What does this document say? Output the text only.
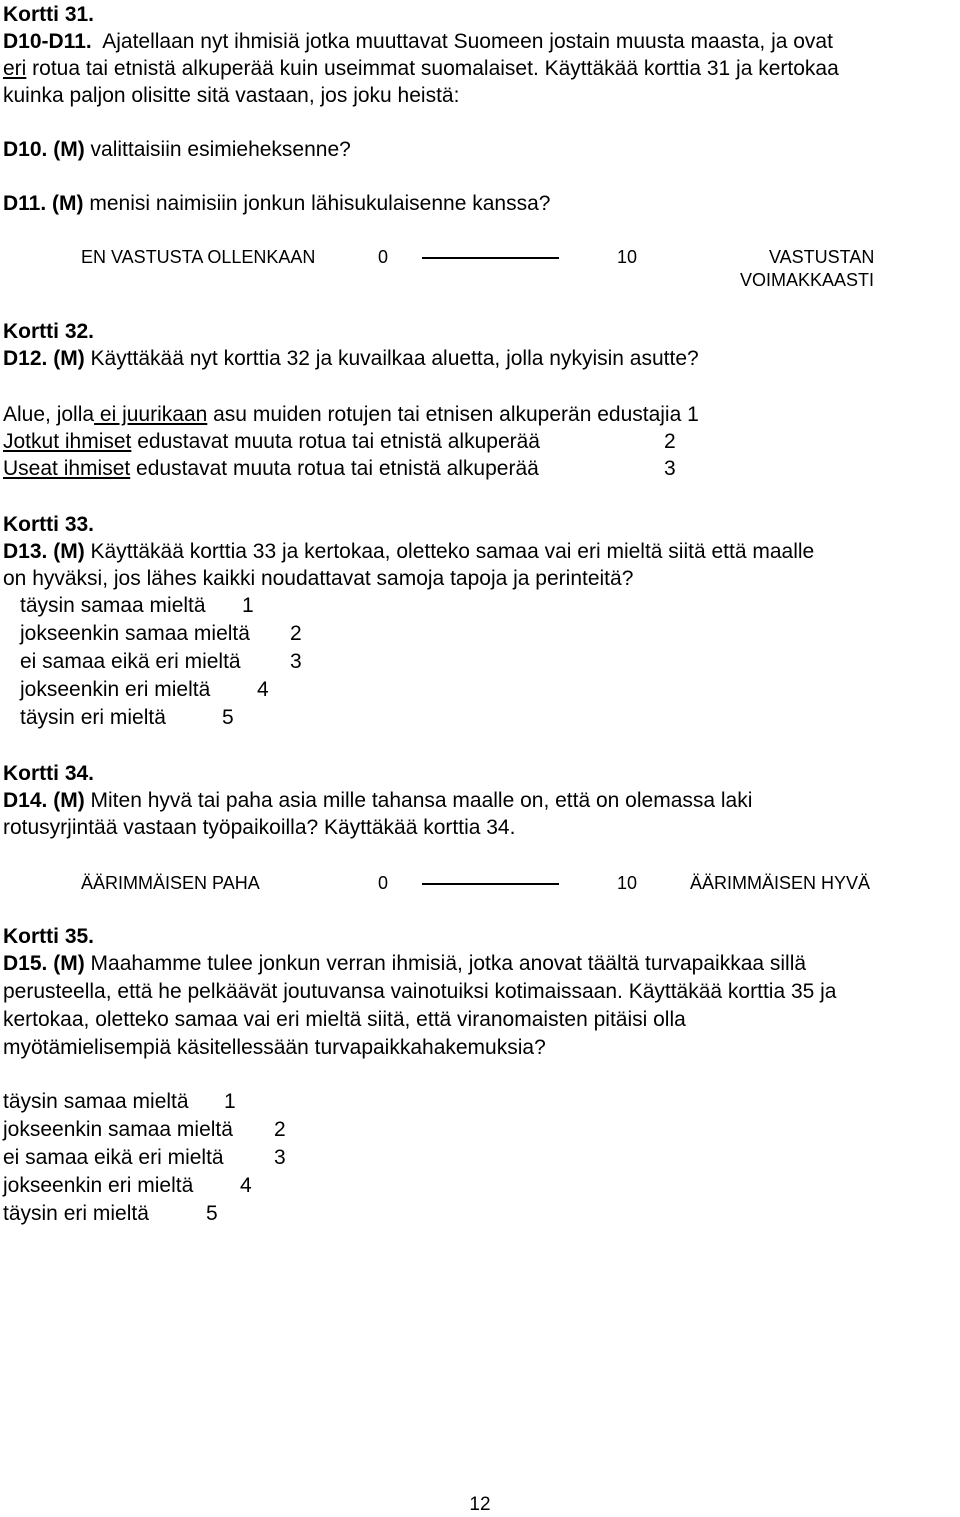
Kortti 31.
D10-D11. Ajatellaan nyt ihmisiä jotka muuttavat Suomeen jostain muusta maasta, ja ovat
eri rotua tai etnistä alkuperää kuin useimmat suomalaiset. Käyttäkää korttia 31 ja kertokaa
kuinka paljon olisitte sitä vastaan, jos joku heistä:
D10. (M) valittaisiin esimieheksenne?
D11. (M) menisi naimisiin jonkun lähisukulaisenne kanssa?
EN VASTUSTA OLLENKAAN	0	10	VASTUSTAN
VOIMAKKAASTI
Kortti 32.
D12. (M) Käyttäkää nyt korttia 32 ja kuvailkaa aluetta, jolla nykyisin asutte?
Alue, jolla ei juurikaan asu muiden rotujen tai etnisen alkuperän edustajia 1
Jotkut ihmiset edustavat muuta rotua tai etnistä alkuperää	2
Useat ihmiset edustavat muuta rotua tai etnistä alkuperää	3
Kortti 33.
D13. (M) Käyttäkää korttia 33 ja kertokaa, oletteko samaa vai eri mieltä siitä että maalle
on hyväksi, jos lähes kaikki noudattavat samoja tapoja ja perinteitä?
täysin samaa mieltä 1
jokseenkin samaa mieltä 2
ei samaa eikä eri mieltä 3
jokseenkin eri mieltä 4
täysin eri mieltä	5
Kortti 34.
D14. (M) Miten hyvä tai paha asia mille tahansa maalle on, että on olemassa laki
rotusyrjintää vastaan työpaikoilla? Käyttäkää korttia 34.
ÄÄRIMMÄISEN PAHA	0	10	ÄÄRIMMÄISEN HYVÄ
Kortti 35.
D15. (M) Maahamme tulee jonkun verran ihmisiä, jotka anovat täältä turvapaikkaa sillä
perusteella, että he pelkäävät joutuvansa vainotuiksi kotimaissaan. Käyttäkää korttia 35 ja
kertokaa, oletteko samaa vai eri mieltä siitä, että viranomaisten pitäisi olla
myötämielisempiä käsitellessään turvapaikkahakemuksia?
täysin samaa mieltä 1
jokseenkin samaa mieltä 2
ei samaa eikä eri mieltä 3
jokseenkin eri mieltä 4
täysin eri mieltä	5
12
